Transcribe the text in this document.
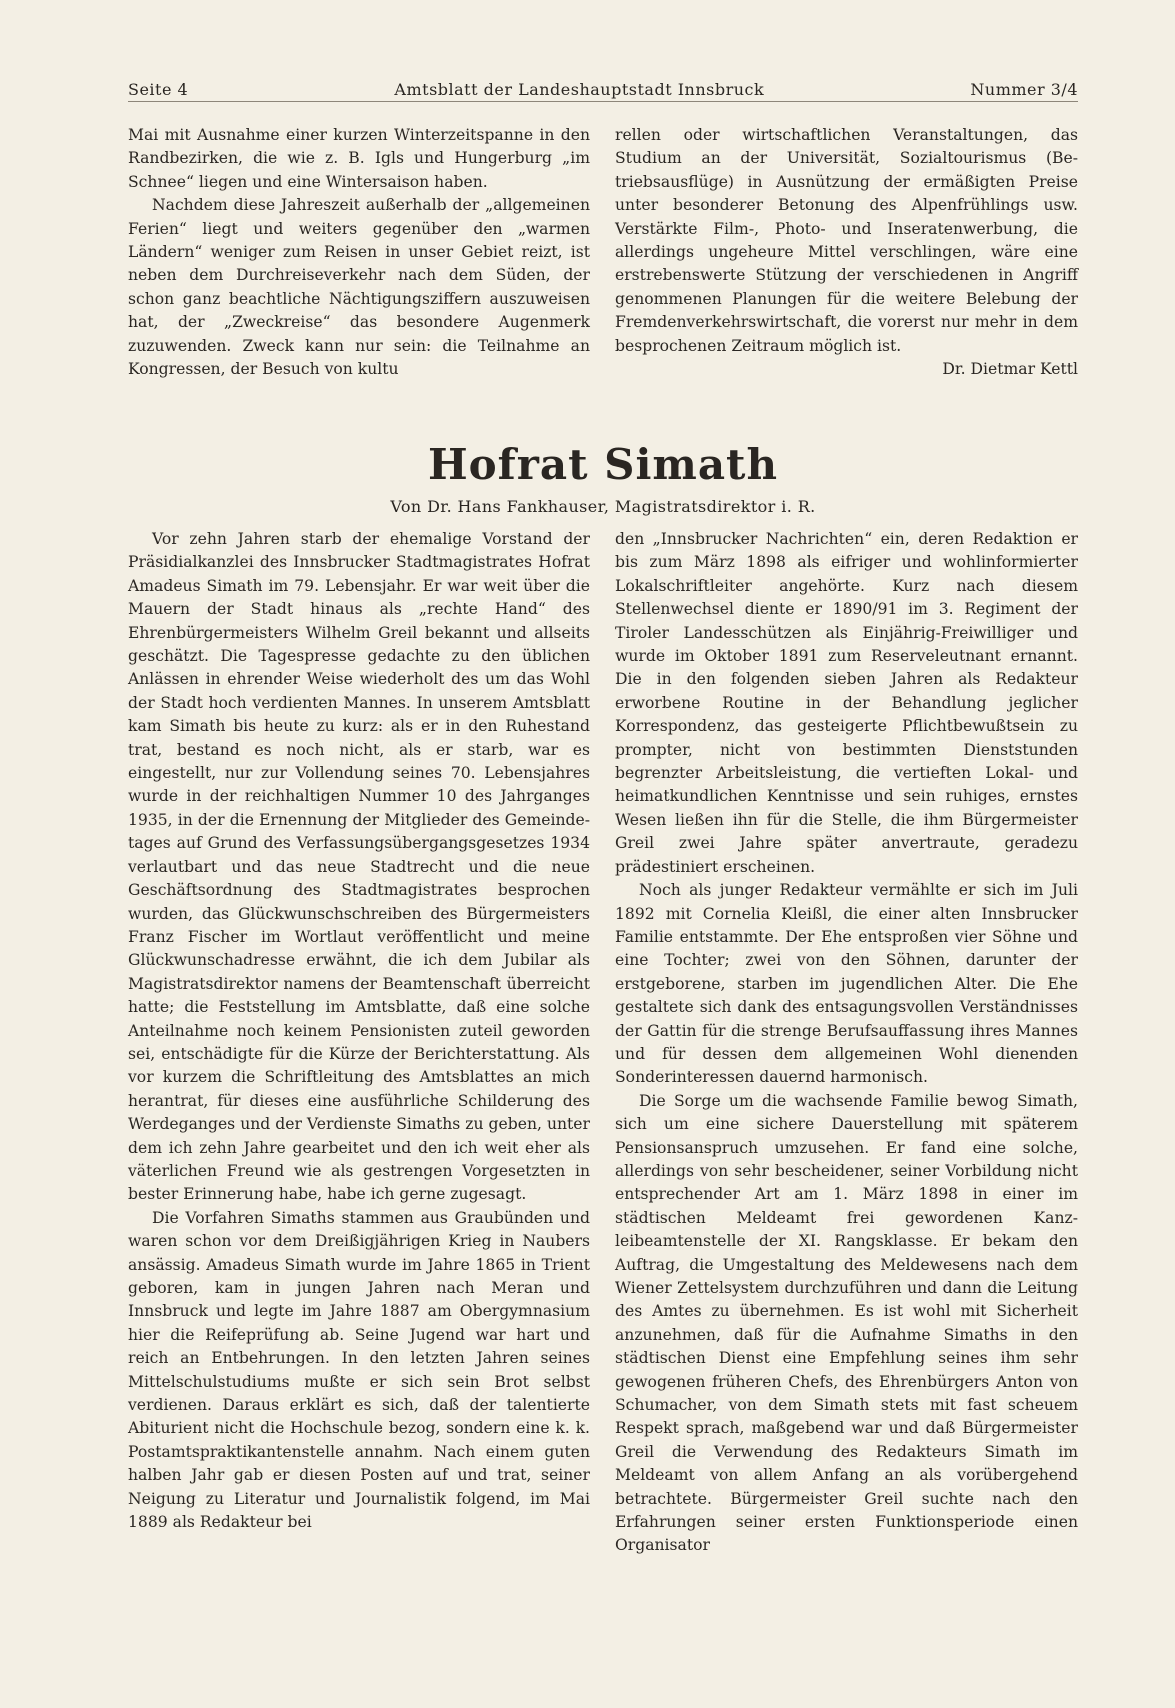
Seite 4	Amtsblatt der Landeshauptstadt Innsbruck	Nummer 3/4

Mai mit Ausnahme einer kurzen Winterzeitspanne in den Randbezirken, die wie z. B. Igls und Hungerburg „im Schnee“ liegen und eine Wintersaison haben.

Nachdem diese Jahreszeit außerhalb der „allgemeinen Ferien“ liegt und weiters gegenüber den „warmen Ländern“ weniger zum Reisen in unser Gebiet reizt, ist neben dem Durchreiseverkehr nach dem Süden, der schon ganz beachtliche Nächtigungsziffern auszuweisen hat, der „Zweckreise“ das besondere Augenmerk zuzuwenden. Zweck kann nur sein: die Teilnahme an Kongressen, der Besuch von kultu

rellen oder wirtschaftlichen Veranstaltungen, das Studium an der Universität, Sozialtourismus (Betriebsausflüge) in Ausnützung der ermäßigten Preise unter besonderer Betonung des Alpenfrühlings usw. Verstärkte Film-, Photo- und Inseratenwerbung, die allerdings ungeheure Mittel verschlingen, wäre eine erstrebenswerte Stützung der verschiedenen in Angriff genommenen Planungen für die weitere Belebung der Fremdenverkehrswirtschaft, die vorerst nur mehr in dem besprochenen Zeitraum möglich ist.

Dr. Dietmar Kettl

Hofrat Simath
Von Dr. Hans Fankhauser, Magistratsdirektor i. R.

Vor zehn Jahren starb der ehemalige Vorstand der Präsidialkanzlei des Innsbrucker Stadtmagistrates Hofrat Amadeus Simath im 79. Lebensjahr. Er war weit über die Mauern der Stadt hinaus als „rechte Hand“ des Ehrenbürgermeisters Wilhelm Greil bekannt und allseits geschätzt. Die Tagespresse gedachte zu den üblichen Anlässen in ehrender Weise wiederholt des um das Wohl der Stadt hoch verdienten Mannes. In unserem Amtsblatt kam Simath bis heute zu kurz: als er in den Ruhestand trat, bestand es noch nicht, als er starb, war es eingestellt, nur zur Vollendung seines 70. Lebensjahres wurde in der reichhaltigen Nummer 10 des Jahrganges 1935, in der die Ernennung der Mitglieder des Gemeindetages auf Grund des Verfassungsübergangsgesetzes 1934 verlautbart und das neue Stadtrecht und die neue Geschäftsordnung des Stadtmagistrates besprochen wurden, das Glückwunschschreiben des Bürgermeisters Franz Fischer im Wortlaut veröffentlicht und meine Glückwunschadresse erwähnt, die ich dem Jubilar als Magistratsdirektor namens der Beamtenschaft überreicht hatte; die Feststellung im Amtsblatte, daß eine solche Anteilnahme noch keinem Pensionisten zuteil geworden sei, entschädigte für die Kürze der Berichterstattung. Als vor kurzem die Schriftleitung des Amtsblattes an mich herantrat, für dieses eine ausführliche Schilderung des Werdeganges und der Verdienste Simaths zu geben, unter dem ich zehn Jahre gearbeitet und den ich weit eher als väterlichen Freund wie als gestrengen Vorgesetzten in bester Erinnerung habe, habe ich gerne zugesagt.

Die Vorfahren Simaths stammen aus Graubünden und waren schon vor dem Dreißigjährigen Krieg in Naubers ansässig. Amadeus Simath wurde im Jahre 1865 in Trient geboren, kam in jungen Jahren nach Meran und Innsbruck und legte im Jahre 1887 am Obergymnasium hier die Reifeprüfung ab. Seine Jugend war hart und reich an Entbehrungen. In den letzten Jahren seines Mittelschulstudiums mußte er sich sein Brot selbst verdienen. Daraus erklärt es sich, daß der talentierte Abiturient nicht die Hochschule bezog, sondern eine k. k. Postamtspraktikantenstelle annahm. Nach einem guten halben Jahr gab er diesen Posten auf und trat, seiner Neigung zu Literatur und Journalistik folgend, im Mai 1889 als Redakteur bei

den „Innsbrucker Nachrichten“ ein, deren Redaktion er bis zum März 1898 als eifriger und wohlinformierter Lokalschriftleiter angehörte. Kurz nach diesem Stellenwechsel diente er 1890/91 im 3. Regiment der Tiroler Landesschützen als Einjährig-Freiwilliger und wurde im Oktober 1891 zum Reserveleutnant ernannt. Die in den folgenden sieben Jahren als Redakteur erworbene Routine in der Behandlung jeglicher Korrespondenz, das gesteigerte Pflichtbewußtsein zu prompter, nicht von bestimmten Dienststunden begrenzter Arbeitsleistung, die vertieften Lokal- und heimatkundlichen Kenntnisse und sein ruhiges, ernstes Wesen ließen ihn für die Stelle, die ihm Bürgermeister Greil zwei Jahre später anvertraute, geradezu prädestiniert erscheinen.

Noch als junger Redakteur vermählte er sich im Juli 1892 mit Cornelia Kleißl, die einer alten Innsbrucker Familie entstammte. Der Ehe entsproßen vier Söhne und eine Tochter; zwei von den Söhnen, darunter der erstgeborene, starben im jugendlichen Alter. Die Ehe gestaltete sich dank des entsagungsvollen Verständnisses der Gattin für die strenge Berufsauffassung ihres Mannes und für dessen dem allgemeinen Wohl dienenden Sonderinteressen dauernd harmonisch.

Die Sorge um die wachsende Familie bewog Simath, sich um eine sichere Dauerstellung mit späterem Pensionsanspruch umzusehen. Er fand eine solche, allerdings von sehr bescheidener, seiner Vorbildung nicht entsprechender Art am 1. März 1898 in einer im städtischen Meldeamt frei gewordenen Kanzleibeamtenstelle der XI. Rangsklasse. Er bekam den Auftrag, die Umgestaltung des Meldewesens nach dem Wiener Zettelsystem durchzuführen und dann die Leitung des Amtes zu übernehmen. Es ist wohl mit Sicherheit anzunehmen, daß für die Aufnahme Simaths in den städtischen Dienst eine Empfehlung seines ihm sehr gewogenen früheren Chefs, des Ehrenbürgers Anton von Schumacher, von dem Simath stets mit fast scheuem Respekt sprach, maßgebend war und daß Bürgermeister Greil die Verwendung des Redakteurs Simath im Meldeamt von allem Anfang an als vorübergehend betrachtete. Bürgermeister Greil suchte nach den Erfahrungen seiner ersten Funktionsperiode einen Organisator
